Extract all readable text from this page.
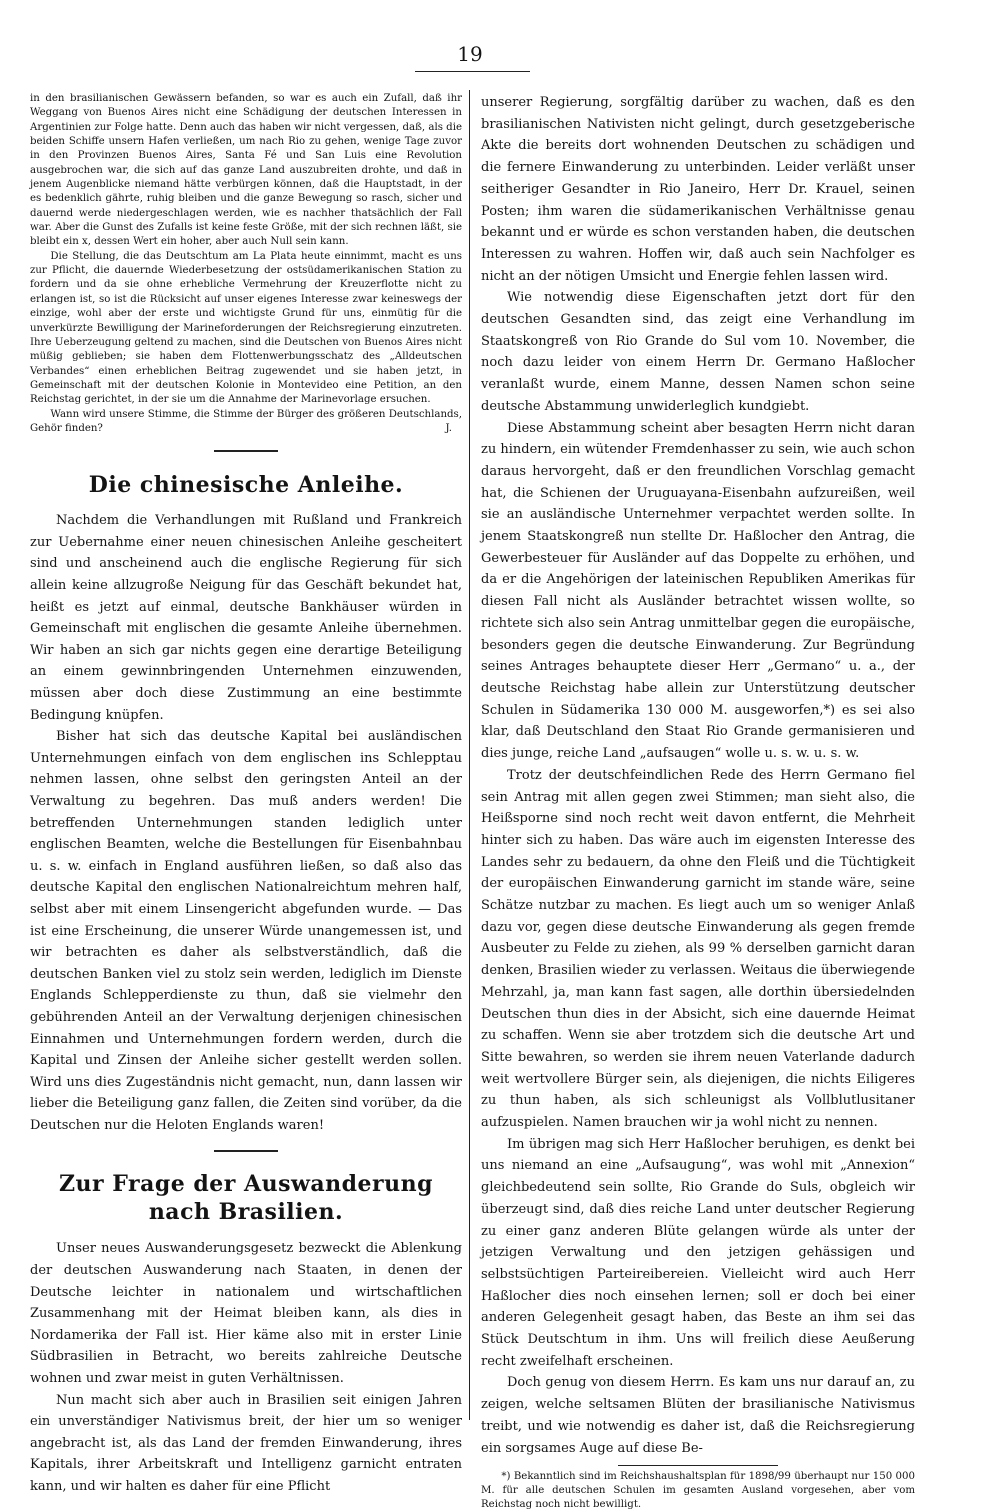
19

in den brasilianischen Gewässern befanden, so war es auch ein Zufall, daß ihr Weggang von Buenos Aires nicht eine Schädigung der deutschen Interessen in Argentinien zur Folge hatte. Denn auch das haben wir nicht vergessen, daß, als die beiden Schiffe unsern Hafen verließen, um nach Rio zu gehen, wenige Tage zuvor in den Provinzen Buenos Aires, Santa Fé und San Luis eine Revolution ausgebrochen war, die sich auf das ganze Land auszubreiten drohte, und daß in jenem Augenblicke niemand hätte verbürgen können, daß die Hauptstadt, in der es bedenklich gährte, ruhig bleiben und die ganze Bewegung so rasch, sicher und dauernd werde niedergeschlagen werden, wie es nachher thatsächlich der Fall war. Aber die Gunst des Zufalls ist keine feste Größe, mit der sich rechnen läßt, sie bleibt ein x, dessen Wert ein hoher, aber auch Null sein kann.

Die Stellung, die das Deutschtum am La Plata heute einnimmt, macht es uns zur Pflicht, die dauernde Wiederbesetzung der ostsüdamerikanischen Station zu fordern und da sie ohne erhebliche Vermehrung der Kreuzerflotte nicht zu erlangen ist, so ist die Rücksicht auf unser eigenes Interesse zwar keineswegs der einzige, wohl aber der erste und wichtigste Grund für uns, einmütig für die unverkürzte Bewilligung der Marineforderungen der Reichsregierung einzutreten. Ihre Ueberzeugung geltend zu machen, sind die Deutschen von Buenos Aires nicht müßig geblieben; sie haben dem Flottenwerbungsschatz des „Alldeutschen Verbandes“ einen erheblichen Beitrag zugewendet und sie haben jetzt, in Gemeinschaft mit der deutschen Kolonie in Montevideo eine Petition, an den Reichstag gerichtet, in der sie um die Annahme der Marinevorlage ersuchen.

Wann wird unsere Stimme, die Stimme der Bürger des größeren Deutschlands, Gehör finden?	J.

Die chinesische Anleihe.

Nachdem die Verhandlungen mit Rußland und Frankreich zur Uebernahme einer neuen chinesischen Anleihe gescheitert sind und anscheinend auch die englische Regierung für sich allein keine allzugroße Neigung für das Geschäft bekundet hat, heißt es jetzt auf einmal, deutsche Bankhäuser würden in Gemeinschaft mit englischen die gesamte Anleihe übernehmen. Wir haben an sich gar nichts gegen eine derartige Beteiligung an einem gewinnbringenden Unternehmen einzuwenden, müssen aber doch diese Zustimmung an eine bestimmte Bedingung knüpfen.

Bisher hat sich das deutsche Kapital bei ausländischen Unternehmungen einfach von dem englischen ins Schlepptau nehmen lassen, ohne selbst den geringsten Anteil an der Verwaltung zu begehren. Das muß anders werden! Die betreffenden Unternehmungen standen lediglich unter englischen Beamten, welche die Bestellungen für Eisenbahnbau u. s. w. einfach in England ausführen ließen, so daß also das deutsche Kapital den englischen Nationalreichtum mehren half, selbst aber mit einem Linsengericht abgefunden wurde. — Das ist eine Erscheinung, die unserer Würde unangemessen ist, und wir betrachten es daher als selbstverständlich, daß die deutschen Banken viel zu stolz sein werden, lediglich im Dienste Englands Schlepperdienste zu thun, daß sie vielmehr den gebührenden Anteil an der Verwaltung derjenigen chinesischen Einnahmen und Unternehmungen fordern werden, durch die Kapital und Zinsen der Anleihe sicher gestellt werden sollen. Wird uns dies Zugeständnis nicht gemacht, nun, dann lassen wir lieber die Beteiligung ganz fallen, die Zeiten sind vorüber, da die Deutschen nur die Heloten Englands waren!

Zur Frage der Auswanderung
nach Brasilien.

Unser neues Auswanderungsgesetz bezweckt die Ablenkung der deutschen Auswanderung nach Staaten, in denen der Deutsche leichter in nationalem und wirtschaftlichen Zusammenhang mit der Heimat bleiben kann, als dies in Nordamerika der Fall ist. Hier käme also mit in erster Linie Südbrasilien in Betracht, wo bereits zahlreiche Deutsche wohnen und zwar meist in guten Verhältnissen.

Nun macht sich aber auch in Brasilien seit einigen Jahren ein unverständiger Nativismus breit, der hier um so weniger angebracht ist, als das Land der fremden Einwanderung, ihres Kapitals, ihrer Arbeitskraft und Intelligenz garnicht entraten kann, und wir halten es daher für eine Pflicht

unserer Regierung, sorgfältig darüber zu wachen, daß es den brasilianischen Nativisten nicht gelingt, durch gesetzgeberische Akte die bereits dort wohnenden Deutschen zu schädigen und die fernere Einwanderung zu unterbinden. Leider verläßt unser seitheriger Gesandter in Rio Janeiro, Herr Dr. Krauel, seinen Posten; ihm waren die südamerikanischen Verhältnisse genau bekannt und er würde es schon verstanden haben, die deutschen Interessen zu wahren. Hoffen wir, daß auch sein Nachfolger es nicht an der nötigen Umsicht und Energie fehlen lassen wird.

Wie notwendig diese Eigenschaften jetzt dort für den deutschen Gesandten sind, das zeigt eine Verhandlung im Staatskongreß von Rio Grande do Sul vom 10. November, die noch dazu leider von einem Herrn Dr. Germano Haßlocher veranlaßt wurde, einem Manne, dessen Namen schon seine deutsche Abstammung unwiderleglich kundgiebt.

Diese Abstammung scheint aber besagten Herrn nicht daran zu hindern, ein wütender Fremdenhasser zu sein, wie auch schon daraus hervorgeht, daß er den freundlichen Vorschlag gemacht hat, die Schienen der Uruguayana-Eisenbahn aufzureißen, weil sie an ausländische Unternehmer verpachtet werden sollte. In jenem Staatskongreß nun stellte Dr. Haßlocher den Antrag, die Gewerbesteuer für Ausländer auf das Doppelte zu erhöhen, und da er die Angehörigen der lateinischen Republiken Amerikas für diesen Fall nicht als Ausländer betrachtet wissen wollte, so richtete sich also sein Antrag unmittelbar gegen die europäische, besonders gegen die deutsche Einwanderung. Zur Begründung seines Antrages behauptete dieser Herr „Germano“ u. a., der deutsche Reichstag habe allein zur Unterstützung deutscher Schulen in Südamerika 130 000 M. ausgeworfen,*) es sei also klar, daß Deutschland den Staat Rio Grande germanisieren und dies junge, reiche Land „aufsaugen“ wolle u. s. w. u. s. w.

Trotz der deutschfeindlichen Rede des Herrn Germano fiel sein Antrag mit allen gegen zwei Stimmen; man sieht also, die Heißsporne sind noch recht weit davon entfernt, die Mehrheit hinter sich zu haben. Das wäre auch im eigensten Interesse des Landes sehr zu bedauern, da ohne den Fleiß und die Tüchtigkeit der europäischen Einwanderung garnicht im stande wäre, seine Schätze nutzbar zu machen. Es liegt auch um so weniger Anlaß dazu vor, gegen diese deutsche Einwanderung als gegen fremde Ausbeuter zu Felde zu ziehen, als 99 % derselben garnicht daran denken, Brasilien wieder zu verlassen. Weitaus die überwiegende Mehrzahl, ja, man kann fast sagen, alle dorthin übersiedelnden Deutschen thun dies in der Absicht, sich eine dauernde Heimat zu schaffen. Wenn sie aber trotzdem sich die deutsche Art und Sitte bewahren, so werden sie ihrem neuen Vaterlande dadurch weit wertvollere Bürger sein, als diejenigen, die nichts Eiligeres zu thun haben, als sich schleunigst als Vollblutlusitaner aufzuspielen. Namen brauchen wir ja wohl nicht zu nennen.

Im übrigen mag sich Herr Haßlocher beruhigen, es denkt bei uns niemand an eine „Aufsaugung“, was wohl mit „Annexion“ gleichbedeutend sein sollte, Rio Grande do Suls, obgleich wir überzeugt sind, daß dies reiche Land unter deutscher Regierung zu einer ganz anderen Blüte gelangen würde als unter der jetzigen Verwaltung und den jetzigen gehässigen und selbstsüchtigen Parteireibereien. Vielleicht wird auch Herr Haßlocher dies noch einsehen lernen; soll er doch bei einer anderen Gelegenheit gesagt haben, das Beste an ihm sei das Stück Deutschtum in ihm. Uns will freilich diese Aeußerung recht zweifelhaft erscheinen.

Doch genug von diesem Herrn. Es kam uns nur darauf an, zu zeigen, welche seltsamen Blüten der brasilianische Nativismus treibt, und wie notwendig es daher ist, daß die Reichsregierung ein sorgsames Auge auf diese Be-

*) Bekanntlich sind im Reichshaushaltsplan für 1898/99 überhaupt nur 150 000 M. für alle deutschen Schulen im gesamten Ausland vorgesehen, aber vom Reichstag noch nicht bewilligt.
